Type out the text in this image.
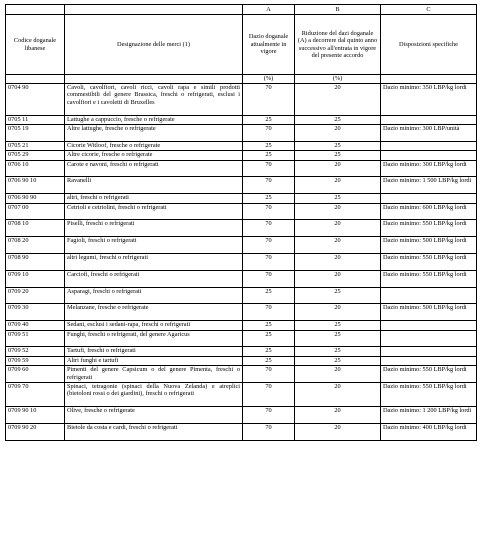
		A	B	C
Codice doganale libanese	Designazione delle merci (1)	Dazio doganale attualmente in vigore	Riduzione del dazi doganale (A) a decorrere dal quinto anno successivo all'entrata in vigore del presente accordo	Disposizioni specifiche
		(%)	(%)	
0704 90	Cavoli, cavolfiori, cavoli ricci, cavoli rapa e simili prodotti commestibili del genere Brassica, freschi o refrigerati, esclusi i cavolfiori e i cavoletti di Bruxelles	70	20	Dazio minimo: 350 LBP/kg lordi
0705 11	Lattughe a cappuccio, fresche o refrigerate	25	25	
0705 19	Altre lattughe, fresche o refrigerate	70	20	Dazio minimo: 300 LBP/unità
0705 21	Cicorie Witloof, fresche o refrigerate	25	25	
0705 29	Altre cicorie, fresche o refrigerate	25	25	
0706 10	Carote e navoni, freschi o refrigerati	70	20	Dazio minimo: 300 LBP/kg lordi
0706 90 10	Ravanelli	70	20	Dazio minimo: 1 500 LBP/kg lordi
0706 90 90	altri, freschi o refrigerati	25	25	
0707 00	Cetrioli e cetriolini, freschi o refrigerati	70	20	Dazio minimo: 600 LBP/kg lordi
0708 10	Piselli, freschi o refrigerati	70	20	Dazio minimo: 550 LBP/kg lordi
0708 20	Fagioli, freschi o refrigerati	70	20	Dazio minimo: 500 LBP/kg lordi
0708 90	altri legumi, freschi o refrigerati	70	20	Dazio minimo: 550 LBP/kg lordi
0709 10	Carciofi, freschi o refrigerati	70	20	Dazio minimo: 550 LBP/kg lordi
0709 20	Asparagi, freschi o refrigerati	25	25	
0709 30	Melanzane, fresche o refrigerate	70	20	Dazio minimo: 500 LBP/kg lordi
0709 40	Sedani, esclusi i sedani-rapa, freschi o refrigerati	25	25	
0709 51	Funghi, freschi o refrigerati, del genere Agaricus	25	25	
0709 52	Tartufi, freschi o refrigerati	25	25	
0709 59	Altri funghi e tartufi	25	25	
0709 60	Pimenti del genere Capsicum o del genere Pimenta, freschi o refrigerati	70	20	Dazio minimo: 550 LBP/kg lordi
0709 70	Spinaci, tetragonie (spinaci della Nuova Zelanda) e atreplici (bietoloni rossi o dei giardini), freschi o refrigerati	70	20	Dazio minimo: 550 LBP/kg lordi
0709 90 10	Olive, fresche o refrigerate	70	20	Dazio minimo: 1 200 LBP/kg lordi
0709 90 20	Bietole da costa e cardi, freschi o refrigerati	70	20	Dazio minimo: 400 LBP/kg lordi
